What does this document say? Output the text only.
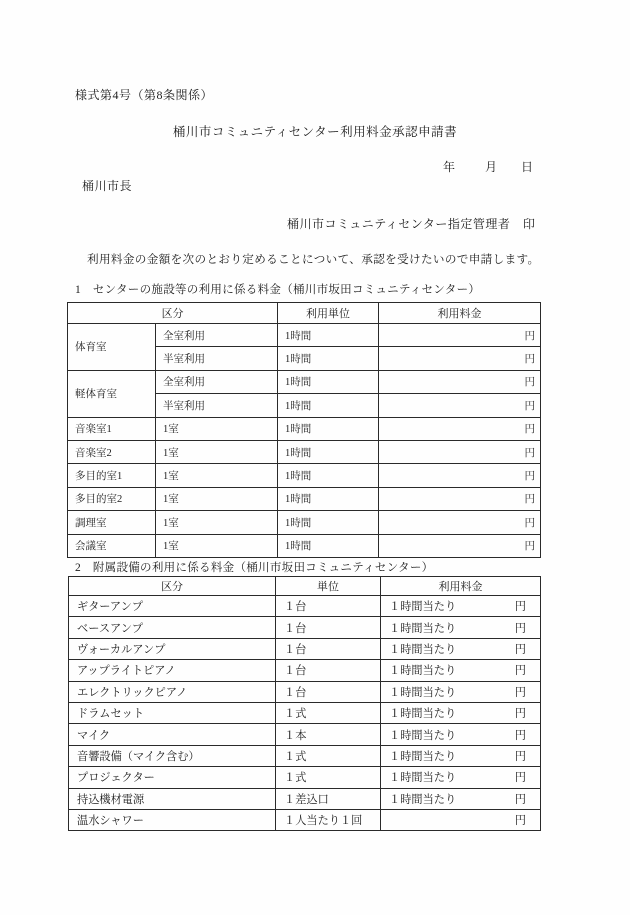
様式第4号（第8条関係）
桶川市コミュニティセンター利用料金承認申請書
年	月 日
桶川市長
桶川市コミュニティセンター指定管理者　印
利用料金の金額を次のとおり定めることについて、承認を受けたいので申請します。
1　センターの施設等の利用に係る料金（桶川市坂田コミュニティセンター）
区分		利用単位	利用料金
体育室	全室利用	1時間	円
	半室利用	1時間	円
軽体育室	全室利用	1時間	円
	半室利用	1時間	円
音楽室1	1室	1時間	円
音楽室2	1室	1時間	円
多目的室1	1室	1時間	円
多目的室2	1室	1時間	円
調理室	1室	1時間	円
会議室	1室	1時間	円
2　附属設備の利用に係る料金（桶川市坂田コミュニティセンター）
区分	単位	利用料金
ギターアンプ	１台	１時間当たり 円

ベースアンプ	１台	１時間当たり 円

ヴォーカルアンプ	１台	１時間当たり 円

アップライトピアノ	１台	１時間当たり 円

エレクトリックピアノ	１台	１時間当たり 円

ドラムセット	１式	１時間当たり 円

マイク	１本	１時間当たり 円

音響設備（マイク含む）	１式	１時間当たり 円

プロジェクター	１式	１時間当たり 円

持込機材電源	１差込口	１時間当たり 円

温水シャワー	１人当たり１回	円
